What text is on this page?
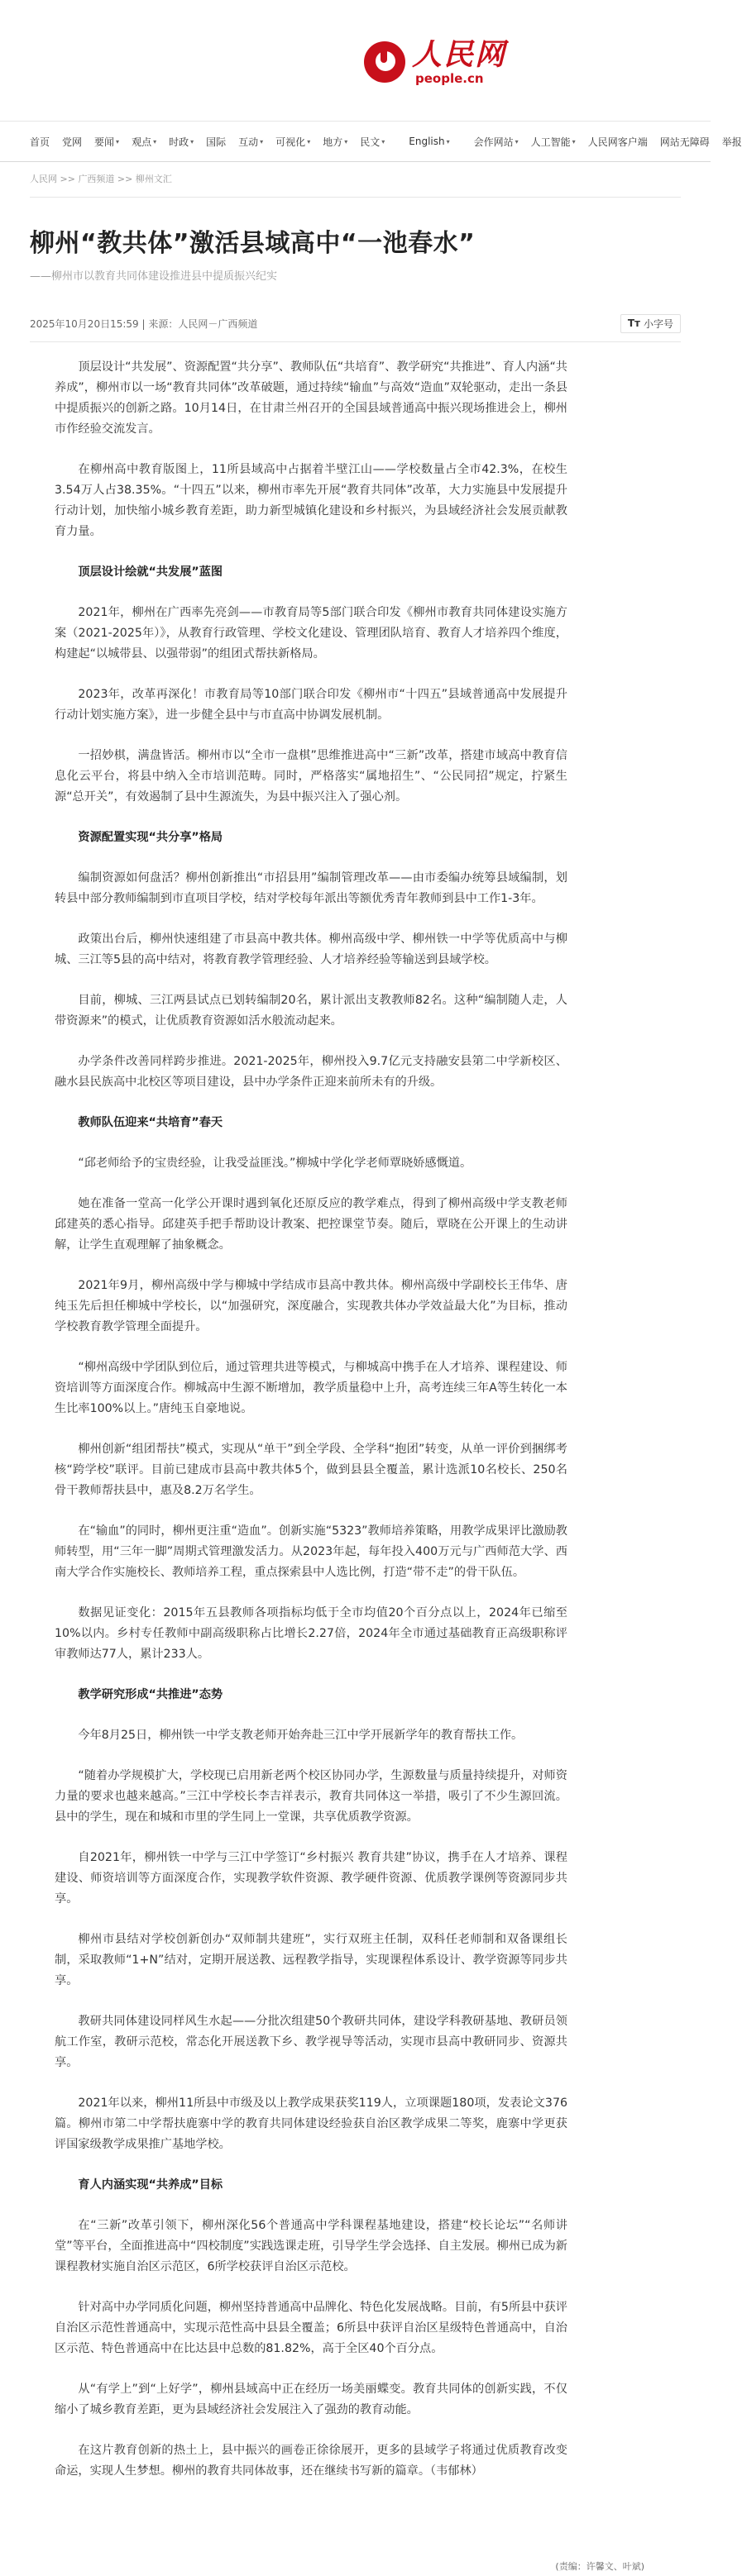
人民网
people.cn
首页 党网 要闻 ▾ 观点 ▾ 时政 ▾ 国际 互动 ▾ 可视化 ▾ 地方 ▾ 民文 ▾ English ▾ 会作网站 ▾ 人工智能 ▾ 人民网客户端 网站无障碍 举报
人民网 >> 广西频道 >> 柳州文汇
柳州“教共体”激活县域高中“一池春水”
——柳州市以教育共同体建设推进县中提质振兴纪实
2025年10月20日15:59 | 来源：人民网－广西频道	Tт 小字号

顶层设计“共发展”、资源配置“共分享”、教师队伍“共培育”、教学研究“共推进”、育人内涵“共养成”，柳州市以一场“教育共同体”改革破题，通过持续“输血”与高效“造血”双轮驱动，走出一条县中提质振兴的创新之路。10月14日，在甘肃兰州召开的全国县域普通高中振兴现场推进会上，柳州市作经验交流发言。

在柳州高中教育版图上，11所县域高中占据着半壁江山——学校数量占全市42.3%，在校生3.54万人占38.35%。“十四五”以来，柳州市率先开展“教育共同体”改革，大力实施县中发展提升行动计划，加快缩小城乡教育差距，助力新型城镇化建设和乡村振兴，为县域经济社会发展贡献教育力量。

顶层设计绘就“共发展”蓝图

2021年，柳州在广西率先亮剑——市教育局等5部门联合印发《柳州市教育共同体建设实施方案（2021-2025年）》，从教育行政管理、学校文化建设、管理团队培育、教育人才培养四个维度，构建起“以城带县、以强带弱”的组团式帮扶新格局。

2023年，改革再深化！市教育局等10部门联合印发《柳州市“十四五”县域普通高中发展提升行动计划实施方案》，进一步健全县中与市直高中协调发展机制。

一招妙棋，满盘皆活。柳州市以“全市一盘棋”思维推进高中“三新”改革，搭建市域高中教育信息化云平台，将县中纳入全市培训范畴。同时，严格落实“属地招生”、“公民同招”规定，拧紧生源“总开关”，有效遏制了县中生源流失，为县中振兴注入了强心剂。

资源配置实现“共分享”格局

编制资源如何盘活？柳州创新推出“市招县用”编制管理改革——由市委编办统筹县域编制，划转县中部分教师编制到市直项目学校，结对学校每年派出等额优秀青年教师到县中工作1-3年。

政策出台后，柳州快速组建了市县高中教共体。柳州高级中学、柳州铁一中学等优质高中与柳城、三江等5县的高中结对，将教育教学管理经验、人才培养经验等输送到县域学校。

目前，柳城、三江两县试点已划转编制20名，累计派出支教教师82名。这种“编制随人走，人带资源来”的模式，让优质教育资源如活水般流动起来。

办学条件改善同样跨步推进。2021-2025年，柳州投入9.7亿元支持融安县第二中学新校区、融水县民族高中北校区等项目建设，县中办学条件正迎来前所未有的升级。

教师队伍迎来“共培育”春天

“邱老师给予的宝贵经验，让我受益匪浅。”柳城中学化学老师覃晓娇感慨道。

她在准备一堂高一化学公开课时遇到氧化还原反应的教学难点，得到了柳州高级中学支教老师邱建英的悉心指导。邱建英手把手帮助设计教案、把控课堂节奏。随后，覃晓在公开课上的生动讲解，让学生直观理解了抽象概念。

2021年9月，柳州高级中学与柳城中学结成市县高中教共体。柳州高级中学副校长王伟华、唐纯玉先后担任柳城中学校长，以“加强研究，深度融合，实现教共体办学效益最大化”为目标，推动学校教育教学管理全面提升。

“柳州高级中学团队到位后，通过管理共进等模式，与柳城高中携手在人才培养、课程建设、师资培训等方面深度合作。柳城高中生源不断增加，教学质量稳中上升，高考连续三年A等生转化一本生比率100%以上。”唐纯玉自豪地说。

柳州创新“组团帮扶”模式，实现从“单干”到全学段、全学科“抱团”转变，从单一评价到捆绑考核“跨学校”联评。目前已建成市县高中教共体5个，做到县县全覆盖，累计选派10名校长、250名骨干教师帮扶县中，惠及8.2万名学生。

在“输血”的同时，柳州更注重“造血”。创新实施“5323”教师培养策略，用教学成果评比激励教师转型，用“三年一脚”周期式管理激发活力。从2023年起，每年投入400万元与广西师范大学、西南大学合作实施校长、教师培养工程，重点探索县中人选比例，打造“带不走”的骨干队伍。

数据见证变化：2015年五县教师各项指标均低于全市均值20个百分点以上，2024年已缩至10%以内。乡村专任教师中副高级职称占比增长2.27倍，2024年全市通过基础教育正高级职称评审教师达77人，累计233人。

教学研究形成“共推进”态势

今年8月25日，柳州铁一中学支教老师开始奔赴三江中学开展新学年的教育帮扶工作。

“随着办学规模扩大，学校现已启用新老两个校区协同办学，生源数量与质量持续提升，对师资力量的要求也越来越高。”三江中学校长李吉祥表示，教育共同体这一举措，吸引了不少生源回流。县中的学生，现在和城和市里的学生同上一堂课，共享优质教学资源。

自2021年，柳州铁一中学与三江中学签订“乡村振兴 教育共建”协议，携手在人才培养、课程建设、师资培训等方面深度合作，实现教学软件资源、教学硬件资源、优质教学课例等资源同步共享。

柳州市县结对学校创新创办“双师制共建班”，实行双班主任制，双科任老师制和双备课组长制，采取教师“1+N”结对，定期开展送教、远程教学指导，实现课程体系设计、教学资源等同步共享。

教研共同体建设同样风生水起——分批次组建50个教研共同体，建设学科教研基地、教研员领航工作室，教研示范校，常态化开展送教下乡、教学视导等活动，实现市县高中教研同步、资源共享。

2021年以来，柳州11所县中市级及以上教学成果获奖119人，立项课题180项，发表论文376篇。柳州市第二中学帮扶鹿寨中学的教育共同体建设经验获自治区教学成果二等奖，鹿寨中学更获评国家级教学成果推广基地学校。

育人内涵实现“共养成”目标

在“三新”改革引领下，柳州深化56个普通高中学科课程基地建设，搭建“校长论坛”“名师讲堂”等平台，全面推进高中“四校制度”实践选课走班，引导学生学会选择、自主发展。柳州已成为新课程教材实施自治区示范区，6所学校获评自治区示范校。

针对高中办学同质化问题，柳州坚持普通高中品牌化、特色化发展战略。目前，有5所县中获评自治区示范性普通高中，实现示范性高中县县全覆盖；6所县中获评自治区星级特色普通高中，自治区示范、特色普通高中在比达县中总数的81.82%，高于全区40个百分点。

从“有学上”到“上好学”，柳州县域高中正在经历一场美丽蝶变。教育共同体的创新实践，不仅缩小了城乡教育差距，更为县域经济社会发展注入了强劲的教育动能。

在这片教育创新的热土上，县中振兴的画卷正徐徐展开，更多的县域学子将通过优质教育改变命运，实现人生梦想。柳州的教育共同体故事，还在继续书写新的篇章。（韦郁林）

(责编：许馨文、叶斌)
